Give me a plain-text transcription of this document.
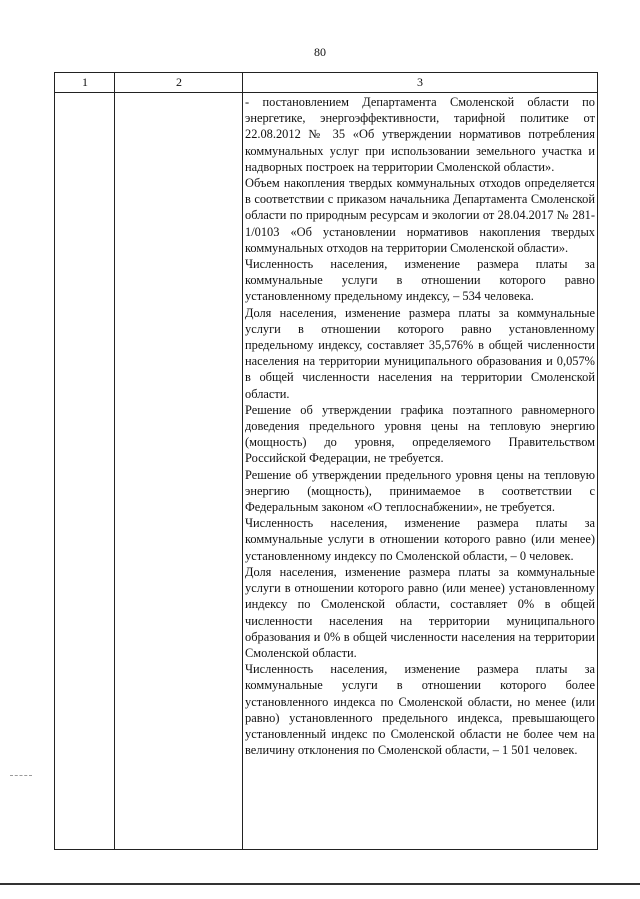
80
1	2	3

- постановлением Департамента Смоленской области по энергетике, энергоэффективности, тарифной политике от 22.08.2012 № 35 «Об утверждении нормативов потребления коммунальных услуг при использовании земельного участка и надворных построек на территории Смоленской области».

Объем накопления твердых коммунальных отходов определяется в соответствии с приказом начальника Департамента Смоленской области по природным ресурсам и экологии от 28.04.2017 № 281-1/0103 «Об установлении нормативов накопления твердых коммунальных отходов на территории Смоленской области».

Численность населения, изменение размера платы за коммунальные услуги в отношении которого равно установленному предельному индексу, – 534 человека.

Доля населения, изменение размера платы за коммунальные услуги в отношении которого равно установленному предельному индексу, составляет 35,576% в общей численности населения на территории муниципального образования и 0,057% в общей численности населения на территории Смоленской области.

Решение об утверждении графика поэтапного равномерного доведения предельного уровня цены на тепловую энергию (мощность) до уровня, определяемого Правительством Российской Федерации, не требуется.

Решение об утверждении предельного уровня цены на тепловую энергию (мощность), принимаемое в соответствии с Федеральным законом «О теплоснабжении», не требуется.

Численность населения, изменение размера платы за коммунальные услуги в отношении которого равно (или менее) установленному индексу по Смоленской области, – 0 человек.

Доля населения, изменение размера платы за коммунальные услуги в отношении которого равно (или менее) установленному индексу по Смоленской области, составляет 0% в общей численности населения на территории муниципального образования и 0% в общей численности населения на территории Смоленской области.

Численность населения, изменение размера платы за коммунальные услуги в отношении которого более установленного индекса по Смоленской области, но менее (или равно) установленного предельного индекса, превышающего установленный индекс по Смоленской области не более чем на величину отклонения по Смоленской области, – 1 501 человек.
